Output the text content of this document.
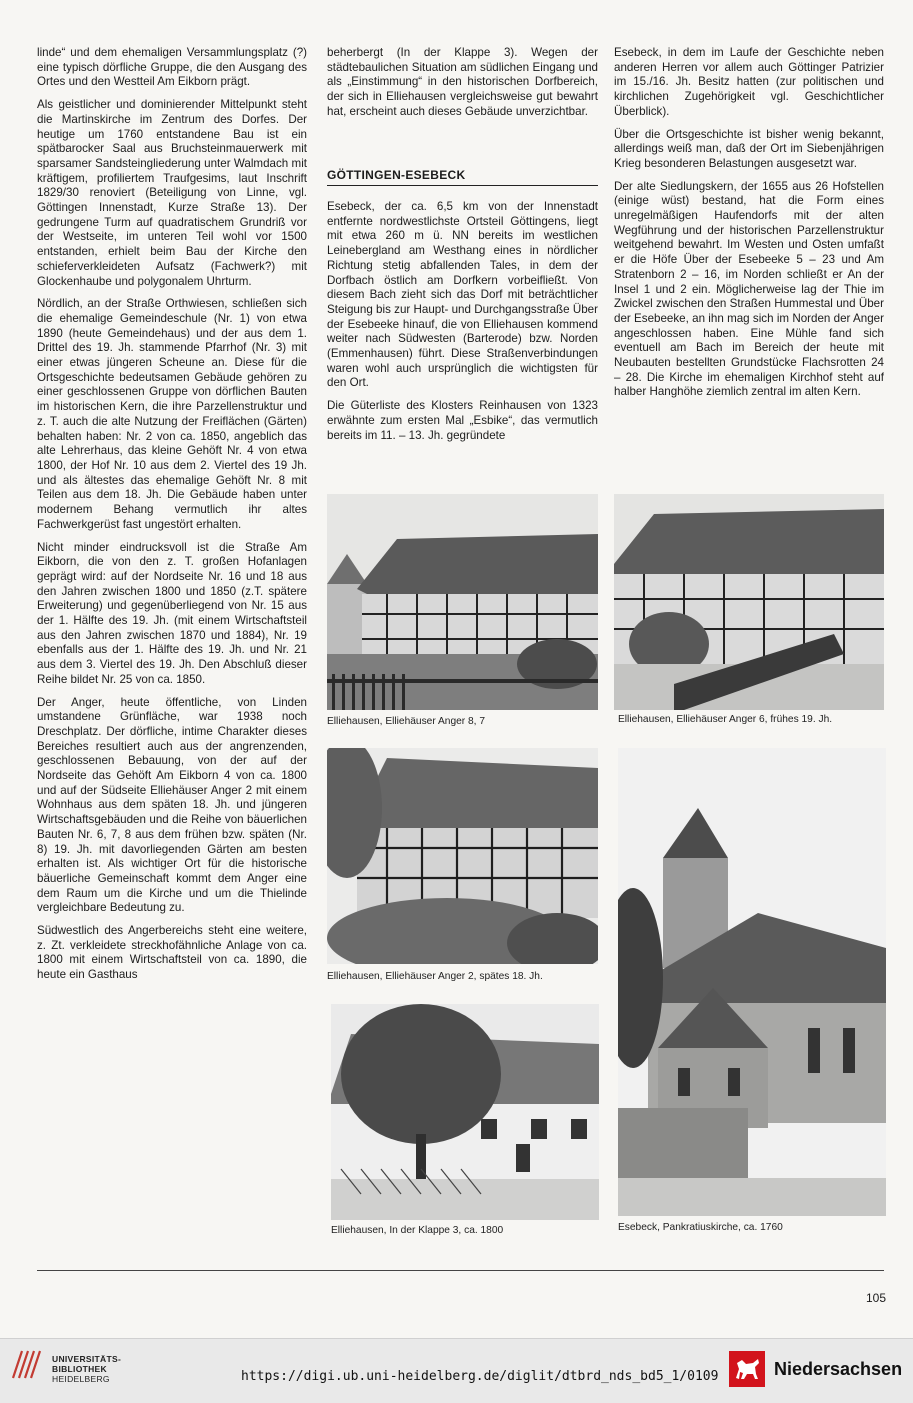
linde“ und dem ehemaligen Versammlungsplatz (?) eine typisch dörfliche Gruppe, die den Ausgang des Ortes und den Westteil Am Eikborn prägt.

Als geistlicher und dominierender Mittelpunkt steht die Martinskirche im Zentrum des Dorfes. Der heutige um 1760 entstandene Bau ist ein spätbarocker Saal aus Bruchsteinmauerwerk mit sparsamer Sandsteingliederung unter Walmdach mit kräftigem, profiliertem Traufgesims, laut Inschrift 1829/30 renoviert (Beteiligung von Linne, vgl. Göttingen Innenstadt, Kurze Straße 13). Der gedrungene Turm auf quadratischem Grundriß vor der Westseite, im unteren Teil wohl vor 1500 entstanden, erhielt beim Bau der Kirche den schieferverkleideten Aufsatz (Fachwerk?) mit Glockenhaube und polygonalem Uhrturm.

Nördlich, an der Straße Orthwiesen, schließen sich die ehemalige Gemeindeschule (Nr. 1) von etwa 1890 (heute Gemeindehaus) und der aus dem 1. Drittel des 19. Jh. stammende Pfarrhof (Nr. 3) mit einer etwas jüngeren Scheune an. Diese für die Ortsgeschichte bedeutsamen Gebäude gehören zu einer geschlossenen Gruppe von dörflichen Bauten im historischen Kern, die ihre Parzellenstruktur und z. T. auch die alte Nutzung der Freiflächen (Gärten) behalten haben: Nr. 2 von ca. 1850, angeblich das alte Lehrerhaus, das kleine Gehöft Nr. 4 von etwa 1800, der Hof Nr. 10 aus dem 2. Viertel des 19 Jh. und als ältestes das ehemalige Gehöft Nr. 8 mit Teilen aus dem 18. Jh. Die Gebäude haben unter modernem Behang vermutlich ihr altes Fachwerkgerüst fast ungestört erhalten.

Nicht minder eindrucksvoll ist die Straße Am Eikborn, die von den z. T. großen Hofanlagen geprägt wird: auf der Nordseite Nr. 16 und 18 aus den Jahren zwischen 1800 und 1850 (z.T. spätere Erweiterung) und gegenüberliegend von Nr. 15 aus der 1. Hälfte des 19. Jh. (mit einem Wirtschaftsteil aus den Jahren zwischen 1870 und 1884), Nr. 19 ebenfalls aus der 1. Hälfte des 19. Jh. und Nr. 21 aus dem 3. Viertel des 19. Jh. Den Abschluß dieser Reihe bildet Nr. 25 von ca. 1850.

Der Anger, heute öffentliche, von Linden umstandene Grünfläche, war 1938 noch Dreschplatz. Der dörfliche, intime Charakter dieses Bereiches resultiert auch aus der angrenzenden, geschlossenen Bebauung, von der auf der Nordseite das Gehöft Am Eikborn 4 von ca. 1800 und auf der Südseite Elliehäuser Anger 2 mit einem Wohnhaus aus dem späten 18. Jh. und jüngeren Wirtschaftsgebäuden und die Reihe von bäuerlichen Bauten Nr. 6, 7, 8 aus dem frühen bzw. späten (Nr. 8) 19. Jh. mit davorliegenden Gärten am besten erhalten ist. Als wichtiger Ort für die historische bäuerliche Gemeinschaft kommt dem Anger eine dem Raum um die Kirche und um die Thielinde vergleichbare Bedeutung zu.

Südwestlich des Angerbereichs steht eine weitere, z. Zt. verkleidete streckhofähnliche Anlage von ca. 1800 mit einem Wirtschaftsteil von ca. 1890, die heute ein Gasthaus

beherbergt (In der Klappe 3). Wegen der städtebaulichen Situation am südlichen Eingang und als „Einstimmung“ in den historischen Dorfbereich, der sich in Elliehausen vergleichsweise gut bewahrt hat, erscheint auch dieses Gebäude unverzichtbar.

GÖTTINGEN-ESEBECK

Esebeck, der ca. 6,5 km von der Innenstadt entfernte nordwestlichste Ortsteil Göttingens, liegt mit etwa 260 m ü. NN bereits im westlichen Leinebergland am Westhang eines in nördlicher Richtung stetig abfallenden Tales, in dem der Dorfbach östlich am Dorfkern vorbeifließt. Von diesem Bach zieht sich das Dorf mit beträchtlicher Steigung bis zur Haupt- und Durchgangsstraße Über der Esebeeke hinauf, die von Elliehausen kommend weiter nach Südwesten (Barterode) bzw. Norden (Emmenhausen) führt. Diese Straßenverbindungen waren wohl auch ursprünglich die wichtigsten für den Ort.

Die Güterliste des Klosters Reinhausen von 1323 erwähnte zum ersten Mal „Esbike“, das vermutlich bereits im 11. – 13. Jh. gegründete

Esebeck, in dem im Laufe der Geschichte neben anderen Herren vor allem auch Göttinger Patrizier im 15./16. Jh. Besitz hatten (zur politischen und kirchlichen Zugehörigkeit vgl. Geschichtlicher Überblick).

Über die Ortsgeschichte ist bisher wenig bekannt, allerdings weiß man, daß der Ort im Siebenjährigen Krieg besonderen Belastungen ausgesetzt war.

Der alte Siedlungskern, der 1655 aus 26 Hofstellen (einige wüst) bestand, hat die Form eines unregelmäßigen Haufendorfs mit der alten Wegführung und der historischen Parzellenstruktur weitgehend bewahrt. Im Westen und Osten umfaßt er die Höfe Über der Esebeeke 5 – 23 und Am Stratenborn 2 – 16, im Norden schließt er An der Insel 1 und 2 ein. Möglicherweise lag der Thie im Zwickel zwischen den Straßen Hummestal und Über der Esebeeke, an ihn mag sich im Norden der Anger angeschlossen haben. Eine Mühle fand sich eventuell am Bach im Bereich der heute mit Neubauten bestellten Grundstücke Flachsrotten 24 – 28. Die Kirche im ehemaligen Kirchhof steht auf halber Hanghöhe ziemlich zentral im alten Kern.

Elliehausen, Elliehäuser Anger 8, 7	Elliehausen, Elliehäuser Anger 6, frühes 19. Jh.
Elliehausen, Elliehäuser Anger 2, spätes 18. Jh.
Elliehausen, In der Klappe 3, ca. 1800	Esebeck, Pankratiuskirche, ca. 1760
105
UNIVERSITÄTS-
BIBLIOTHEK
HEIDELBERG	https://digi.ub.uni-heidelberg.de/diglit/dtbrd_nds_bd5_1/0109	Niedersachsen
